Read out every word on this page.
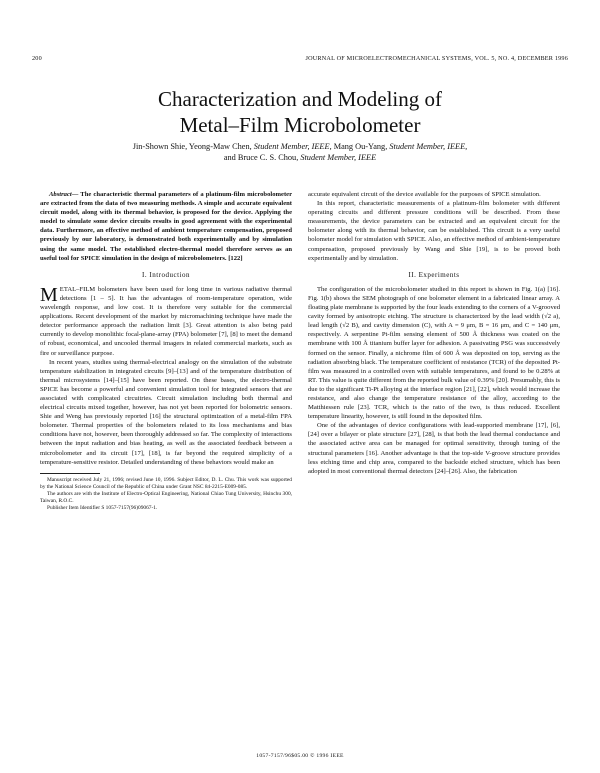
200	JOURNAL OF MICROELECTROMECHANICAL SYSTEMS, VOL. 5, NO. 4, DECEMBER 1996
Characterization and Modeling of
Metal–Film Microbolometer
Jin-Shown Shie, Yeong-Maw Chen, Student Member, IEEE, Mang Ou-Yang, Student Member, IEEE,
and Bruce C. S. Chou, Student Member, IEEE

Abstract— The characteristic thermal parameters of a platinum-film microbolometer are extracted from the data of two measuring methods. A simple and accurate equivalent circuit model, along with its thermal behavior, is proposed for the device. Applying the model to simulate some device circuits results in good agreement with the experimental data. Furthermore, an effective method of ambient temperature compensation, proposed previously by our laboratory, is demonstrated both experimentally and by simulation using the same model. The established electro-thermal model therefore serves as an useful tool for SPICE simulation in the design of microbolometers. [122]

I. Introduction

METAL–FILM bolometers have been used for long time in various radiative thermal detections [1 – 5]. It has the advantages of room-temperature operation, wide wavelength response, and low cost. It is therefore very suitable for the commercial applications. Recent development of the market by micromachining technique have made the detector performance approach the radiation limit [3]. Great attention is also being paid currently to develop monolithic focal-plane-array (FPA) bolometer [7], [8] to meet the demand of robust, economical, and uncooled thermal imagers in related commercial markets, such as fire or surveillance purpose.

In recent years, studies using thermal-electrical analogy on the simulation of the substrate temperature stabilization in integrated circuits [9]–[13] and of the temperature distribution of thermal microsystems [14]–[15] have been reported. On these bases, the electro-thermal SPICE has become a powerful and convenient simulation tool for integrated sensors that are associated with complicated circuitries. Circuit simulation including both thermal and electrical circuits mixed together, however, has not yet been reported for bolometric sensors. Shie and Weng has previously reported [16] the structural optimization of a metal-film FPA bolometer. Thermal properties of the bolometers related to its loss mechanisms and bias conditions have not, however, been thoroughly addressed so far. The complexity of interactions between the input radiation and bias heating, as well as the associated feedback between a microbolometer and its circuit [17], [18], is far beyond the required simplicity of a temperature-sensitive resistor. Detailed understanding of these behaviors would make an

Manuscript received July 21, 1996; revised June 10, 1996. Subject Editor, D. L. Chu. This work was supported by the National Science Council of the Republic of China under Grant NSC 84-2215-E009-085.

The authors are with the Institute of Electro-Optical Engineering, National Chiao Tung University, Hsinchu 300, Taiwan, R.O.C.

Publisher Item Identifier S 1057-7157(96)09067-1.

accurate equivalent circuit of the device available for the purposes of SPICE simulation.

In this report, characteristic measurements of a platinum-film bolometer with different operating circuits and different pressure conditions will be described. From these measurements, the device parameters can be extracted and an equivalent circuit for the bolometer along with its thermal behavior, can be established. This circuit is a very useful bolometer model for simulation with SPICE. Also, an effective method of ambient-temperature compensation, proposed previously by Wang and Shie [19], is to be proved both experimentally and by simulation.

II. Experiments

The configuration of the microbolometer studied in this report is shown in Fig. 1(a) [16]. Fig. 1(b) shows the SEM photograph of one bolometer element in a fabricated linear array. A floating plate membrane is supported by the four leads extending to the corners of a V-grooved cavity formed by anisotropic etching. The structure is characterized by the lead width (√2 a), lead length (√2 B), and cavity dimension (C), with A = 9 μm, B = 16 μm, and C = 140 μm, respectively. A serpentine Pt-film sensing element of 500 Å thickness was coated on the membrane with 100 Å titanium buffer layer for adhesion. A passivating PSG was successively formed on the sensor. Finally, a nichrome film of 600 Å was deposited on top, serving as the radiation absorbing black. The temperature coefficient of resistance (TCR) of the deposited Pt-film was measured in a controlled oven with suitable temperatures, and found to be 0.28% at RT. This value is quite different from the reported bulk value of 0.39% [20]. Presumably, this is due to the significant Ti-Pt alloying at the interface region [21], [22], which would increase the resistance, and also change the temperature resistance of the alloy, according to the Matthiessen rule [23]. TCR, which is the ratio of the two, is thus reduced. Excellent temperature linearity, however, is still found in the deposited film.

One of the advantages of device configurations with lead-supported membrane [17], [6], [24] over a bilayer or plate structure [27], [28], is that both the lead thermal conductance and the associated active area can be managed for optimal sensitivity, through tuning of the structural parameters [16]. Another advantage is that the top-side V-groove structure provides less etching time and chip area, compared to the backside etched structure, which has been adopted in most conventional thermal detectors [24]–[26]. Also, the fabrication

1057-7157/96$05.00 © 1996 IEEE
